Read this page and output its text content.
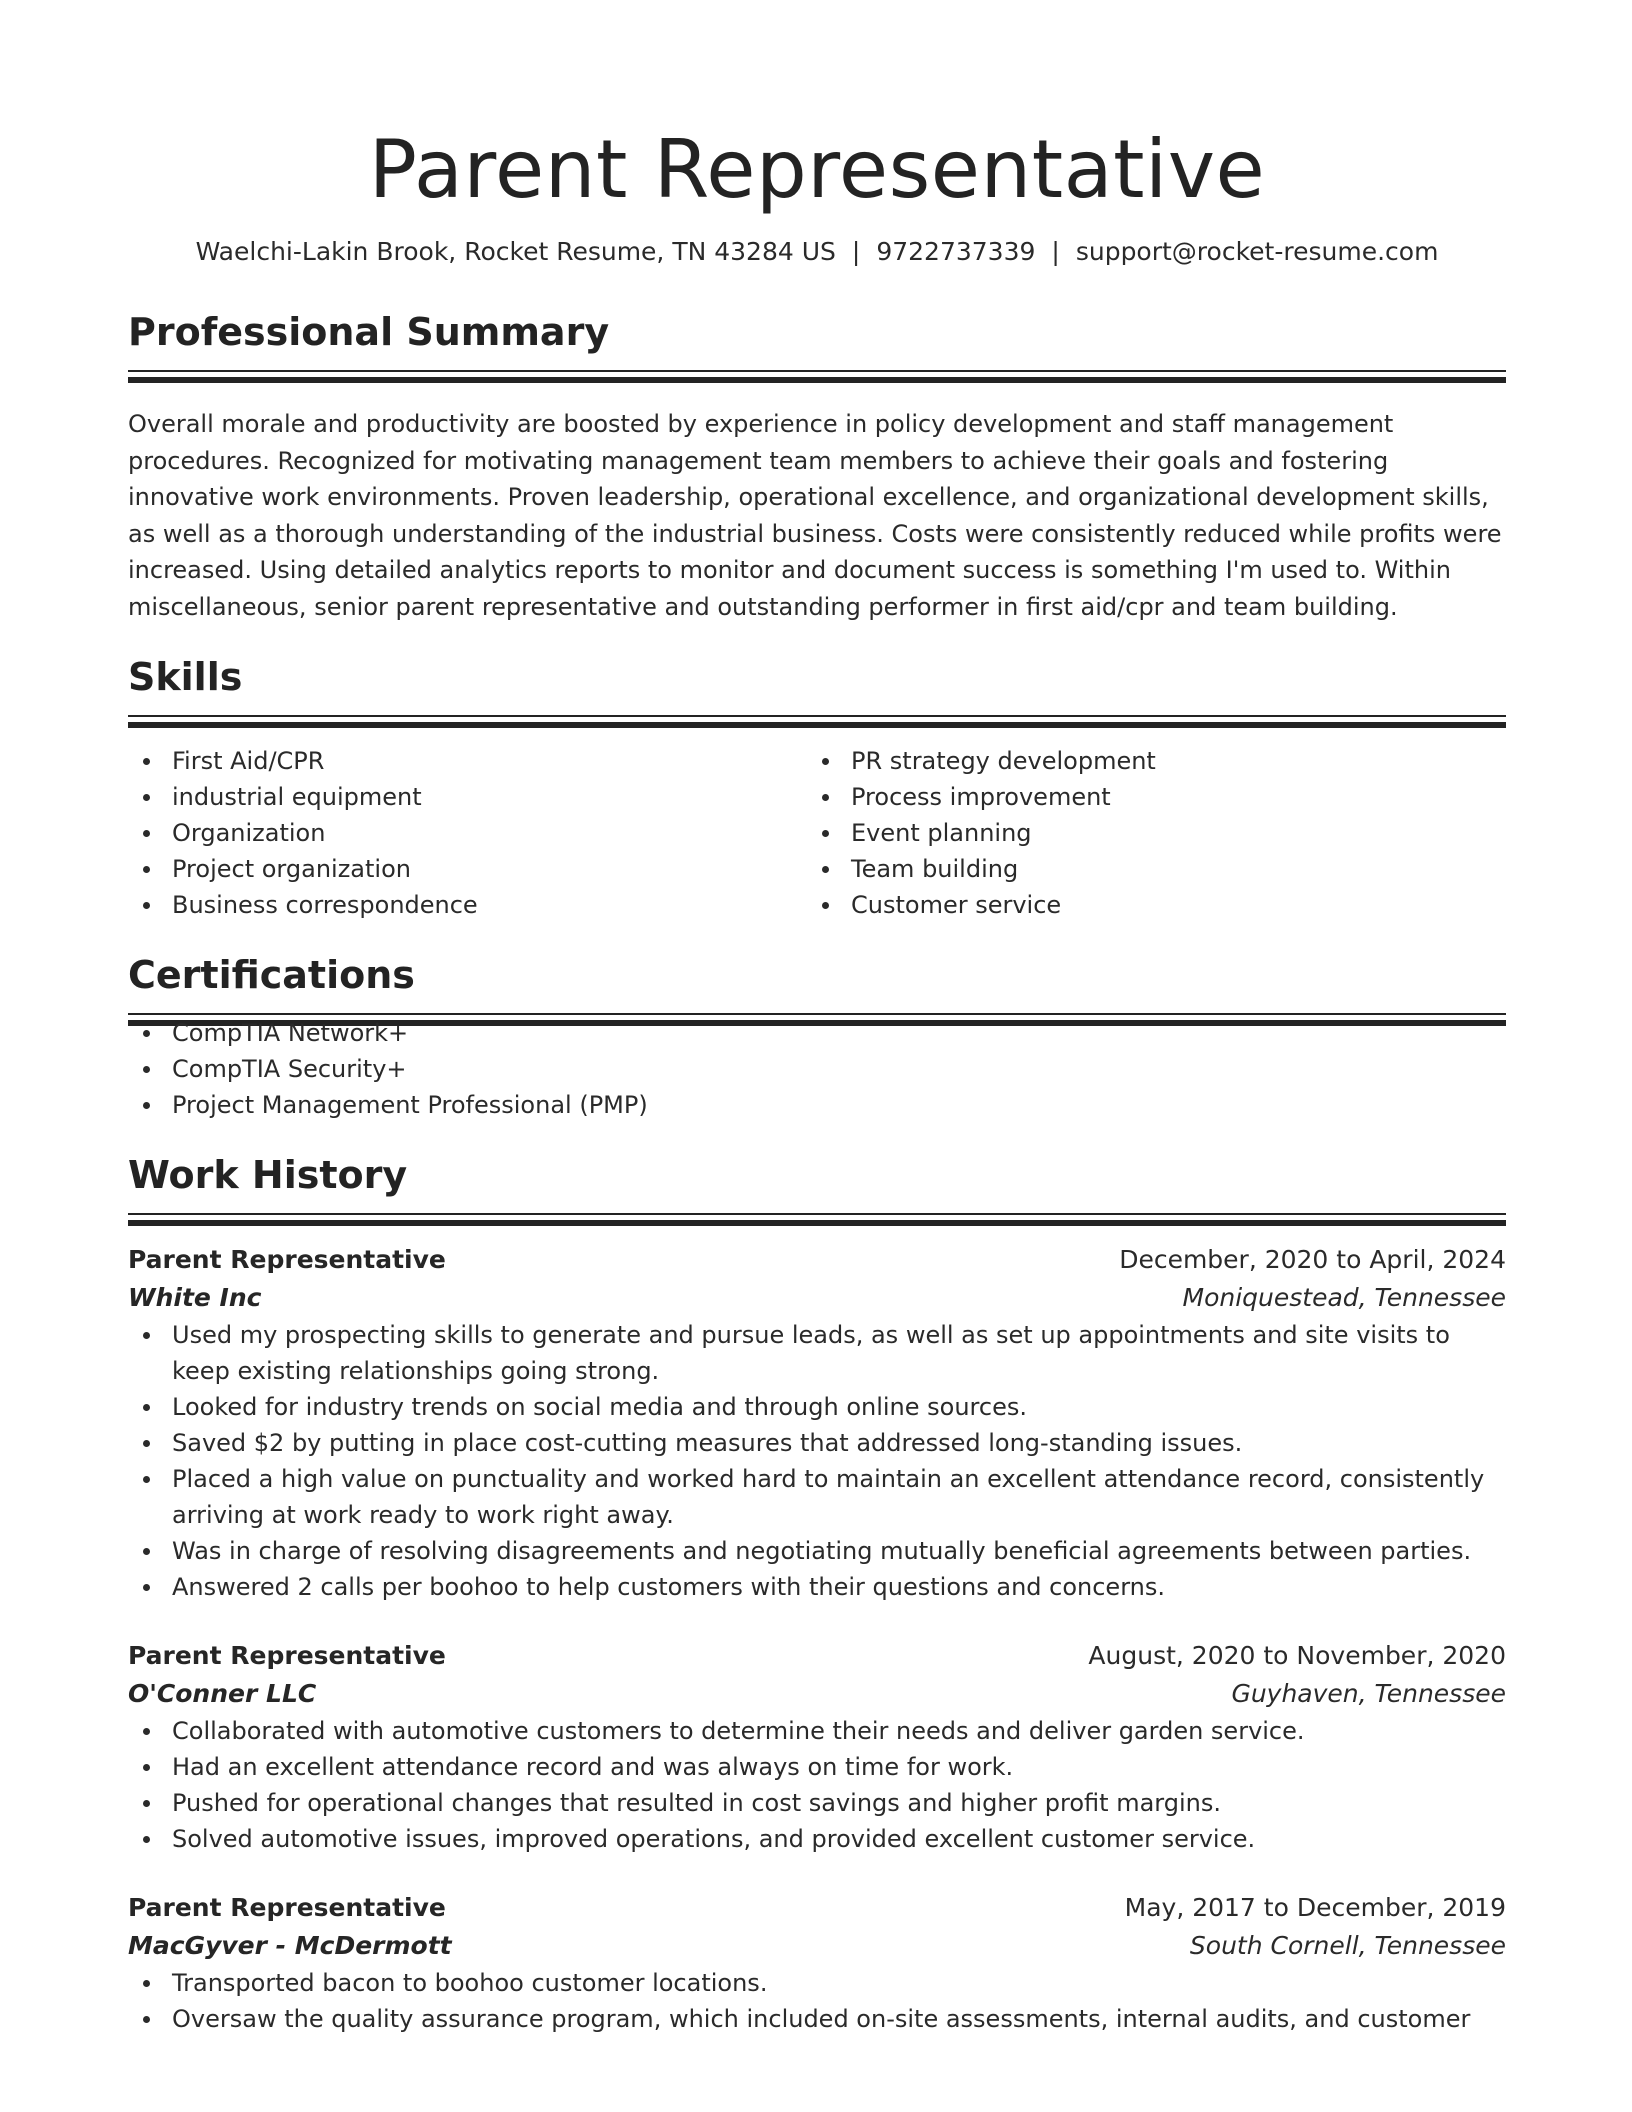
Parent Representative
Waelchi-Lakin Brook, Rocket Resume, TN 43284 US | 9722737339 | support@rocket-resume.com
Professional Summary
Overall morale and productivity are boosted by experience in policy development and staff management procedures. Recognized for motivating management team members to achieve their goals and fostering innovative work environments. Proven leadership, operational excellence, and organizational development skills, as well as a thorough understanding of the industrial business. Costs were consistently reduced while profits were increased. Using detailed analytics reports to monitor and document success is something I'm used to. Within miscellaneous, senior parent representative and outstanding performer in first aid/cpr and team building.
Skills
First Aid/CPR
industrial equipment
Organization
Project organization
Business correspondence
PR strategy development
Process improvement
Event planning
Team building
Customer service
Certifications
CompTIA Network+
CompTIA Security+
Project Management Professional (PMP)
Work History
Parent Representative	December, 2020 to April, 2024
White Inc	Moniquestead, Tennessee
Used my prospecting skills to generate and pursue leads, as well as set up appointments and site visits to keep existing relationships going strong.
Looked for industry trends on social media and through online sources.
Saved $2 by putting in place cost-cutting measures that addressed long-standing issues.
Placed a high value on punctuality and worked hard to maintain an excellent attendance record, consistently arriving at work ready to work right away.
Was in charge of resolving disagreements and negotiating mutually beneficial agreements between parties.
Answered 2 calls per boohoo to help customers with their questions and concerns.
Parent Representative	August, 2020 to November, 2020
O'Conner LLC	Guyhaven, Tennessee
Collaborated with automotive customers to determine their needs and deliver garden service.
Had an excellent attendance record and was always on time for work.
Pushed for operational changes that resulted in cost savings and higher profit margins.
Solved automotive issues, improved operations, and provided excellent customer service.
Parent Representative	May, 2017 to December, 2019
MacGyver - McDermott	South Cornell, Tennessee
Transported bacon to boohoo customer locations.
Oversaw the quality assurance program, which included on-site assessments, internal audits, and customer
